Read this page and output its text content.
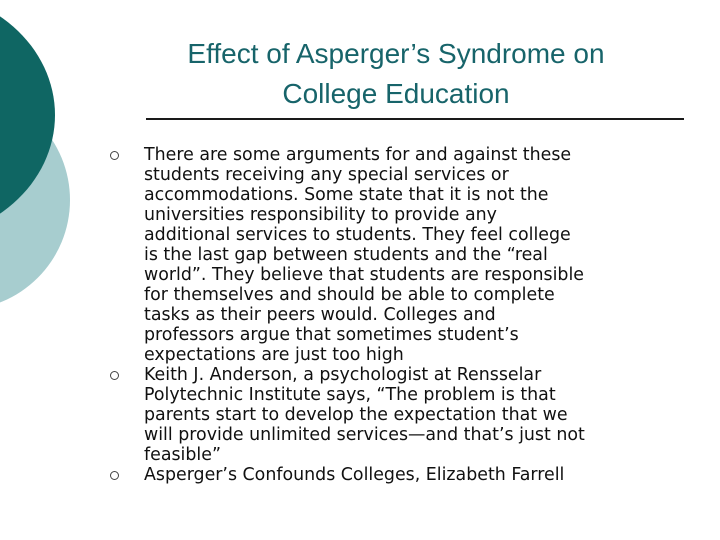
Effect of Asperger’s Syndrome on
College Education
There are some arguments for and against these
students receiving any special services or
accommodations. Some state that it is not the
universities responsibility to provide any
additional services to students. They feel college
is the last gap between students and the “real
world”. They believe that students are responsible
for themselves and should be able to complete
tasks as their peers would. Colleges and
professors argue that sometimes student’s
expectations are just too high
Keith J. Anderson, a psychologist at Rensselar
Polytechnic Institute says, “The problem is that
parents start to develop the expectation that we
will provide unlimited services—and that’s just not
feasible”
Asperger’s Confounds Colleges, Elizabeth Farrell
